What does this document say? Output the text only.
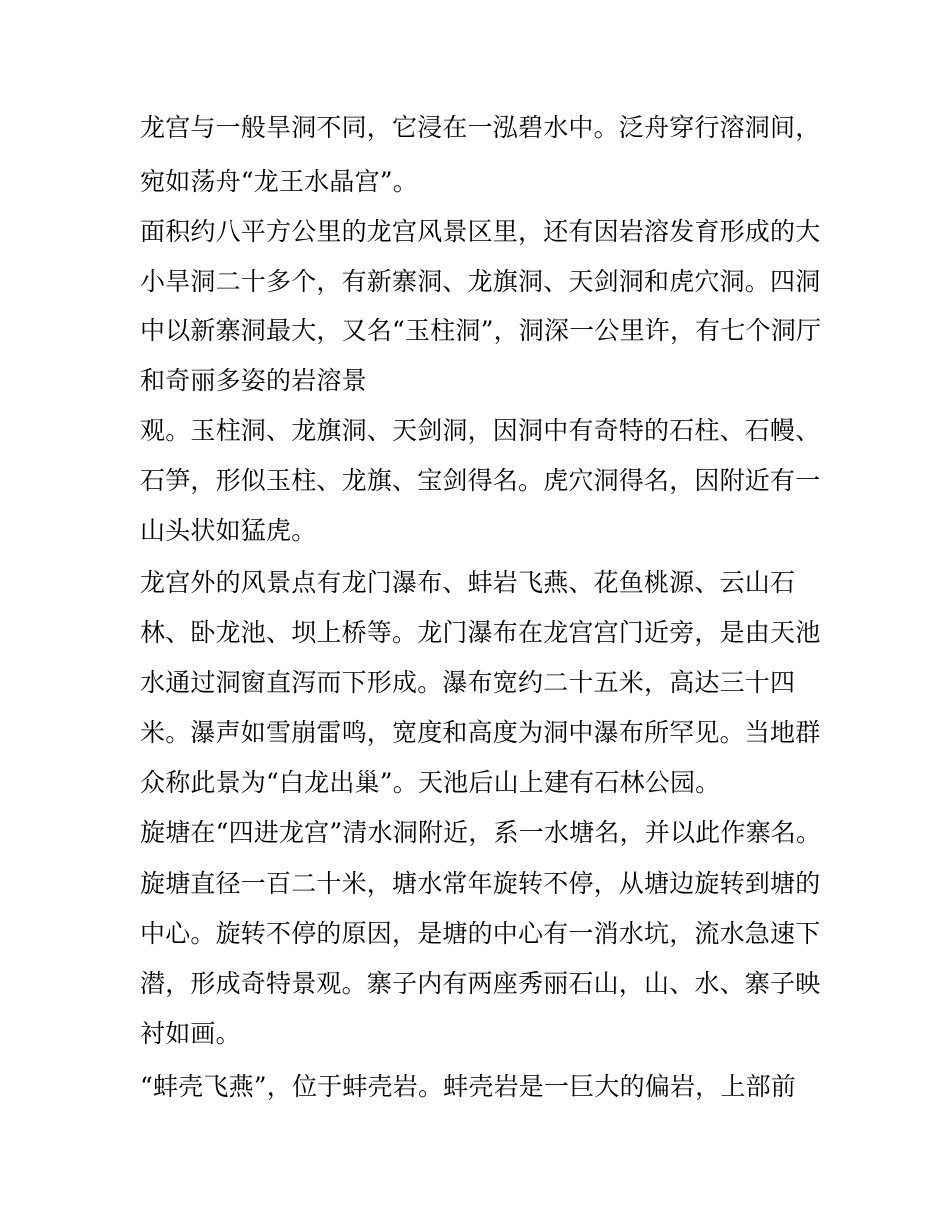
龙宫与一般旱洞不同，它浸在一泓碧水中。泛舟穿行溶洞间，
宛如荡舟“龙王水晶宫”。
面积约八平方公里的龙宫风景区里，还有因岩溶发育形成的大
小旱洞二十多个，有新寨洞、龙旗洞、天剑洞和虎穴洞。四洞
中以新寨洞最大，又名“玉柱洞”，洞深一公里许，有七个洞厅
和奇丽多姿的岩溶景
观。玉柱洞、龙旗洞、天剑洞，因洞中有奇特的石柱、石幔、
石笋，形似玉柱、龙旗、宝剑得名。虎穴洞得名，因附近有一
山头状如猛虎。
龙宫外的风景点有龙门瀑布、蚌岩飞燕、花鱼桃源、云山石
林、卧龙池、坝上桥等。龙门瀑布在龙宫宫门近旁，是由天池
水通过洞窗直泻而下形成。瀑布宽约二十五米，高达三十四
米。瀑声如雪崩雷鸣，宽度和高度为洞中瀑布所罕见。当地群
众称此景为“白龙出巢”。天池后山上建有石林公园。
旋塘在“四进龙宫”清水洞附近，系一水塘名，并以此作寨名。
旋塘直径一百二十米，塘水常年旋转不停，从塘边旋转到塘的
中心。旋转不停的原因，是塘的中心有一消水坑，流水急速下
潜，形成奇特景观。寨子内有两座秀丽石山，山、水、寨子映
衬如画。
“蚌壳飞燕”，位于蚌壳岩。蚌壳岩是一巨大的偏岩，上部前
